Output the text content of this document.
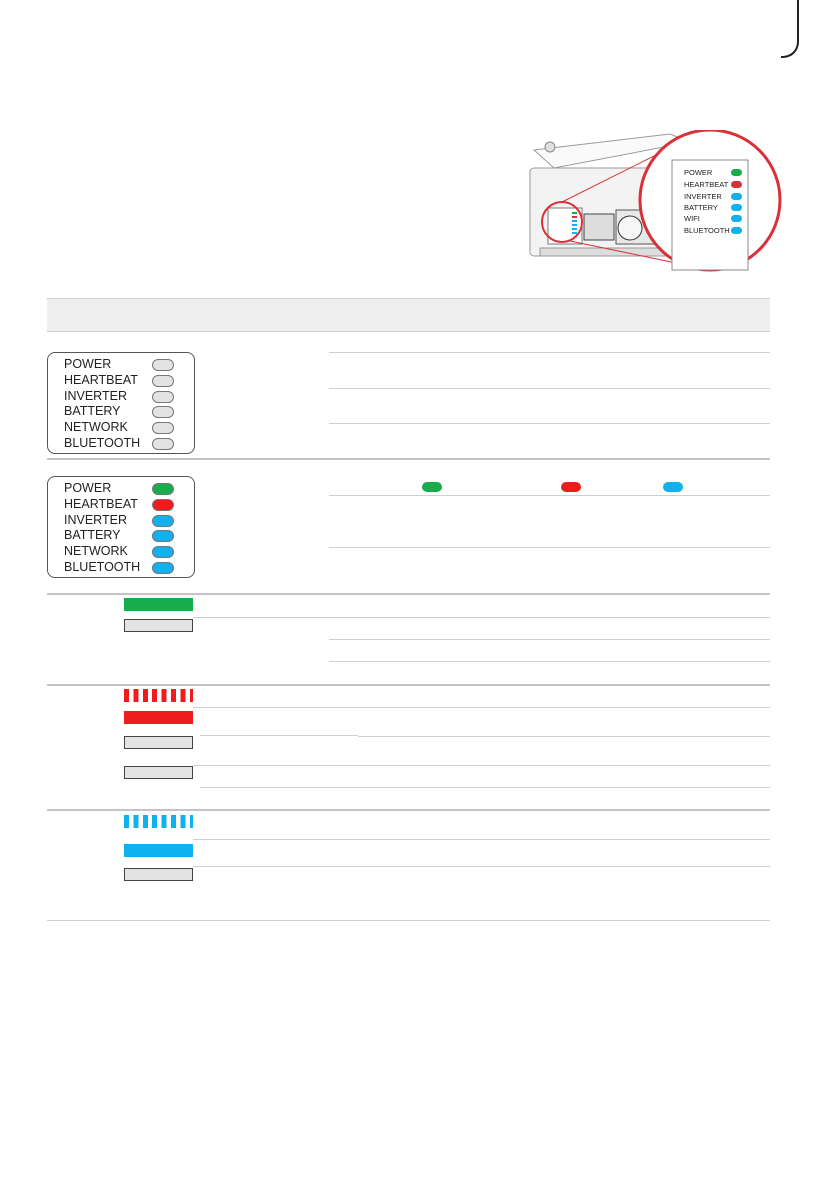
POWER
HEARTBEAT
INVERTER
BATTERY
WIFI
BLUETOOTH
POWER
HEARTBEAT
INVERTER
BATTERY
NETWORK
BLUETOOTH
POWER
HEARTBEAT
INVERTER
BATTERY
NETWORK
BLUETOOTH
